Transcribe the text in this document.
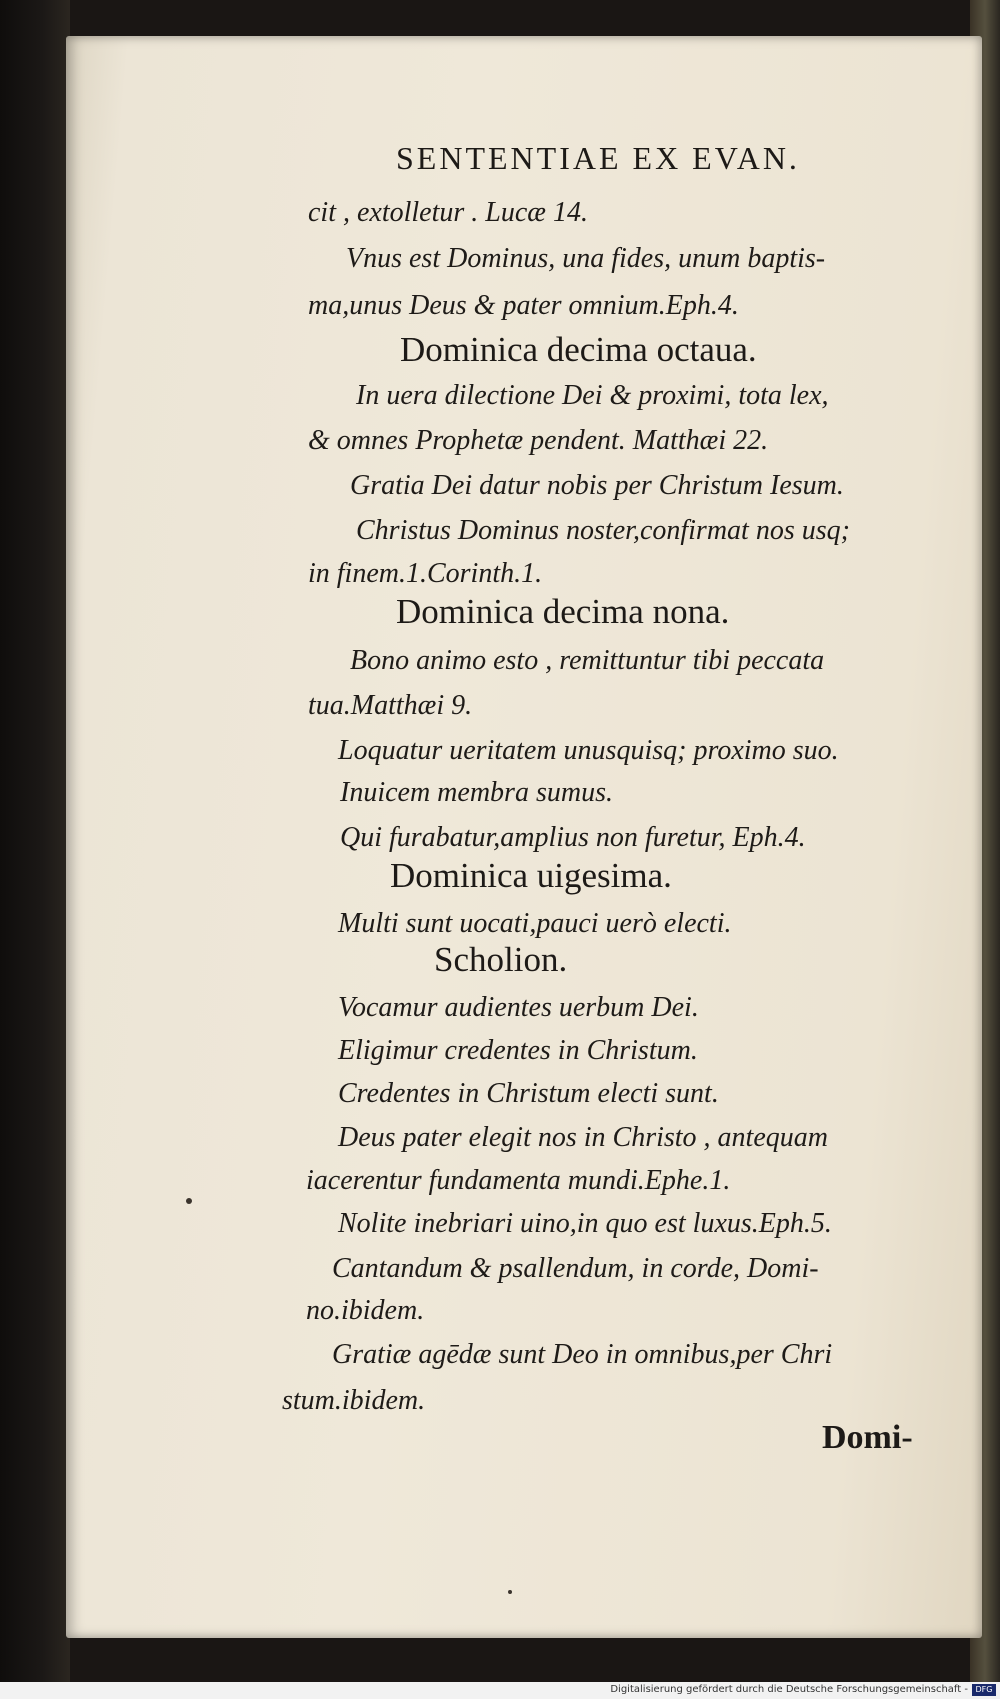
SENTENTIAE EX EVAN.
cit , extolletur . Lucæ 14.
Vnus est Dominus, una fides, unum baptis-
ma,unus Deus & pater omnium.Eph.4.
Dominica decima octaua.
In uera dilectione Dei & proximi, tota lex,
& omnes Prophetæ pendent. Matthæi 22.
Gratia Dei datur nobis per Christum Iesum.
Christus Dominus noster,confirmat nos usq;
in finem.1.Corinth.1.
Dominica decima nona.
Bono animo esto , remittuntur tibi peccata
tua.Matthæi 9.
Loquatur ueritatem unusquisq; proximo suo.
Inuicem membra sumus.
Qui furabatur,amplius non furetur, Eph.4.
Dominica uigesima.
Multi sunt uocati,pauci uerò electi.
Scholion.
Vocamur audientes uerbum Dei.
Eligimur credentes in Christum.
Credentes in Christum electi sunt.
Deus pater elegit nos in Christo , antequam
iacerentur fundamenta mundi.Ephe.1.
Nolite inebriari uino,in quo est luxus.Eph.5.
Cantandum & psallendum, in corde, Domi-
no.ibidem.
Gratiæ agēdæ sunt Deo in omnibus,per Chri
stum.ibidem.
Domi-
Digitalisierung gefördert durch die Deutsche Forschungsgemeinschaft - DFG
